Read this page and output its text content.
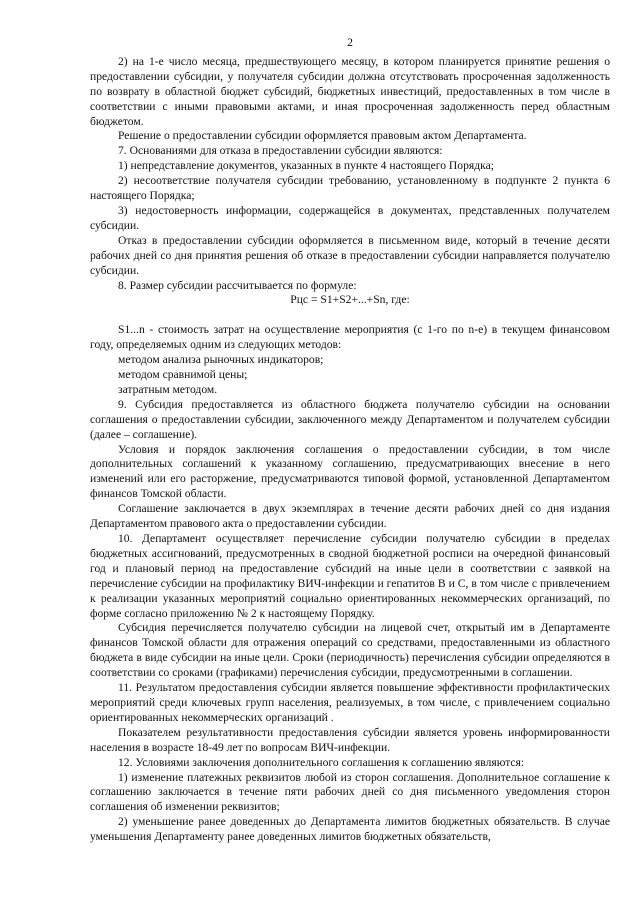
2

2) на 1-е число месяца, предшествующего месяцу, в котором планируется принятие решения о предоставлении субсидии, у получателя субсидии должна отсутствовать просроченная задолженность по возврату в областной бюджет субсидий, бюджетных инвестиций, предоставленных в том числе в соответствии с иными правовыми актами, и иная просроченная задолженность перед областным бюджетом.

Решение о предоставлении субсидии оформляется правовым актом Департамента.

7. Основаниями для отказа в предоставлении субсидии являются:

1) непредставление документов, указанных в пункте 4 настоящего Порядка;

2) несоответствие получателя субсидии требованию, установленному в подпункте 2 пункта 6 настоящего Порядка;

3) недостоверность информации, содержащейся в документах, представленных получателем субсидии.

Отказ в предоставлении субсидии оформляется в письменном виде, который в течение десяти рабочих дней со дня принятия решения об отказе в предоставлении субсидии направляется получателю субсидии.

8. Размер субсидии рассчитывается по формуле:

Рцс = S1+S2+...+Sn, где:

S1...n - стоимость затрат на осуществление мероприятия (с 1-го по n-е) в текущем финансовом году, определяемых одним из следующих методов:

методом анализа рыночных индикаторов;

методом сравнимой цены;

затратным методом.

9. Субсидия предоставляется из областного бюджета получателю субсидии на основании соглашения о предоставлении субсидии, заключенного между Департаментом и получателем субсидии (далее – соглашение).

Условия и порядок заключения соглашения о предоставлении субсидии, в том числе дополнительных соглашений к указанному соглашению, предусматривающих внесение в него изменений или его расторжение, предусматриваются типовой формой, установленной Департаментом финансов Томской области.

Соглашение заключается в двух экземплярах в течение десяти рабочих дней со дня издания Департаментом правового акта о предоставлении субсидии.

10. Департамент осуществляет перечисление субсидии получателю субсидии в пределах бюджетных ассигнований, предусмотренных в сводной бюджетной росписи на очередной финансовый год и плановый период на предоставление субсидий на иные цели в соответствии с заявкой на перечисление субсидии на профилактику ВИЧ-инфекции и гепатитов В и С, в том числе с привлечением к реализации указанных мероприятий социально ориентированных некоммерческих организаций, по форме согласно приложению № 2 к настоящему Порядку.

Субсидия перечисляется получателю субсидии на лицевой счет, открытый им в Департаменте финансов Томской области для отражения операций со средствами, предоставленными из областного бюджета в виде субсидии на иные цели. Сроки (периодичность) перечисления субсидии определяются в соответствии со сроками (графиками) перечисления субсидии, предусмотренными в соглашении.

11. Результатом предоставления субсидии является повышение эффективности профилактических мероприятий среди ключевых групп населения, реализуемых, в том числе, с привлечением социально ориентированных некоммерческих организаций .

Показателем результативности предоставления субсидии является уровень информированности населения в возрасте 18-49 лет по вопросам ВИЧ-инфекции.

12. Условиями заключения дополнительного соглашения к соглашению являются:

1) изменение платежных реквизитов любой из сторон соглашения. Дополнительное соглашение к соглашению заключается в течение пяти рабочих дней со дня письменного уведомления сторон соглашения об изменении реквизитов;

2) уменьшение ранее доведенных до Департамента лимитов бюджетных обязательств. В случае уменьшения Департаменту ранее доведенных лимитов бюджетных обязательств,
